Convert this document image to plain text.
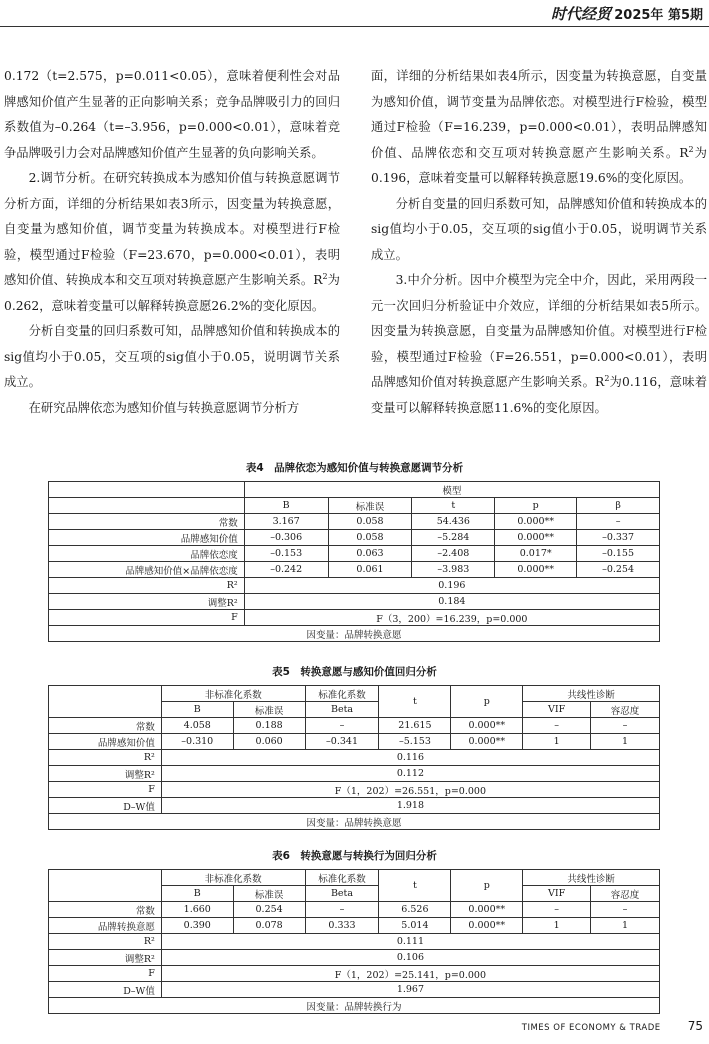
时代经贸 2025年 第5期

0.172（t=2.575，p=0.011<0.05），意味着便利性会对品牌感知价值产生显著的正向影响关系；竞争品牌吸引力的回归系数值为–0.264（t=–3.956，p=0.000<0.01），意味着竞争品牌吸引力会对品牌感知价值产生显著的负向影响关系。

2.调节分析。在研究转换成本为感知价值与转换意愿调节分析方面，详细的分析结果如表3所示，因变量为转换意愿，自变量为感知价值，调节变量为转换成本。对模型进行F检验，模型通过F检验（F=23.670，p=0.000<0.01），表明感知价值、转换成本和交互项对转换意愿产生影响关系。$R^2$为0.262，意味着变量可以解释转换意愿26.2%的变化原因。

分析自变量的回归系数可知，品牌感知价值和转换成本的sig值均小于0.05，交互项的sig值小于0.05，说明调节关系成立。

在研究品牌依恋为感知价值与转换意愿调节分析方

面，详细的分析结果如表4所示，因变量为转换意愿，自变量为感知价值，调节变量为品牌依恋。对模型进行F检验，模型通过F检验（F=16.239，p=0.000<0.01），表明品牌感知价值、品牌依恋和交互项对转换意愿产生影响关系。$R^2$为0.196，意味着变量可以解释转换意愿19.6%的变化原因。

分析自变量的回归系数可知，品牌感知价值和转换成本的sig值均小于0.05，交互项的sig值小于0.05，说明调节关系成立。

3.中介分析。因中介模型为完全中介，因此，采用两段一元一次回归分析验证中介效应，详细的分析结果如表5所示。因变量为转换意愿，自变量为品牌感知价值。对模型进行F检验，模型通过F检验（F=26.551，p=0.000<0.01），表明品牌感知价值对转换意愿产生影响关系。$R^2$为0.116，意味着变量可以解释转换意愿11.6%的变化原因。

表4　品牌依恋为感知价值与转换意愿调节分析
	模型				
	B	标准误	t	p	β
常数	3.167	0.058	54.436	0.000**	–
品牌感知价值	–0.306	0.058	–5.284	0.000**	–0.337
品牌依恋度	–0.153	0.063	–2.408	0.017*	–0.155
品牌感知价值×品牌依恋度	–0.242	0.061	–3.983	0.000**	–0.254
R²	0.196				
调整R²	0.184				
F	F（3，200）=16.239，p=0.000				
因变量：品牌转换意愿					
表5　转换意愿与感知价值回归分析
	非标准化系数		标准化系数	t	p	共线性诊断	
	B	标准误	Beta			VIF	容忍度
常数	4.058	0.188	–	21.615	0.000**	–	–
品牌感知价值	–0.310	0.060	–0.341	–5.153	0.000**	1	1
R²	0.116						
调整R²	0.112						
F	F（1，202）=26.551，p=0.000						
D–W值	1.918						
因变量：品牌转换意愿							
表6　转换意愿与转换行为回归分析
	非标准化系数		标准化系数	t	p	共线性诊断	
	B	标准误	Beta			VIF	容忍度
常数	1.660	0.254	–	6.526	0.000**	–	–
品牌转换意愿	0.390	0.078	0.333	5.014	0.000**	1	1
R²	0.111						
调整R²	0.106						
F	F（1，202）=25.141，p=0.000						
D–W值	1.967						
因变量：品牌转换行为							
TIMES OF ECONOMY & TRADE 75
